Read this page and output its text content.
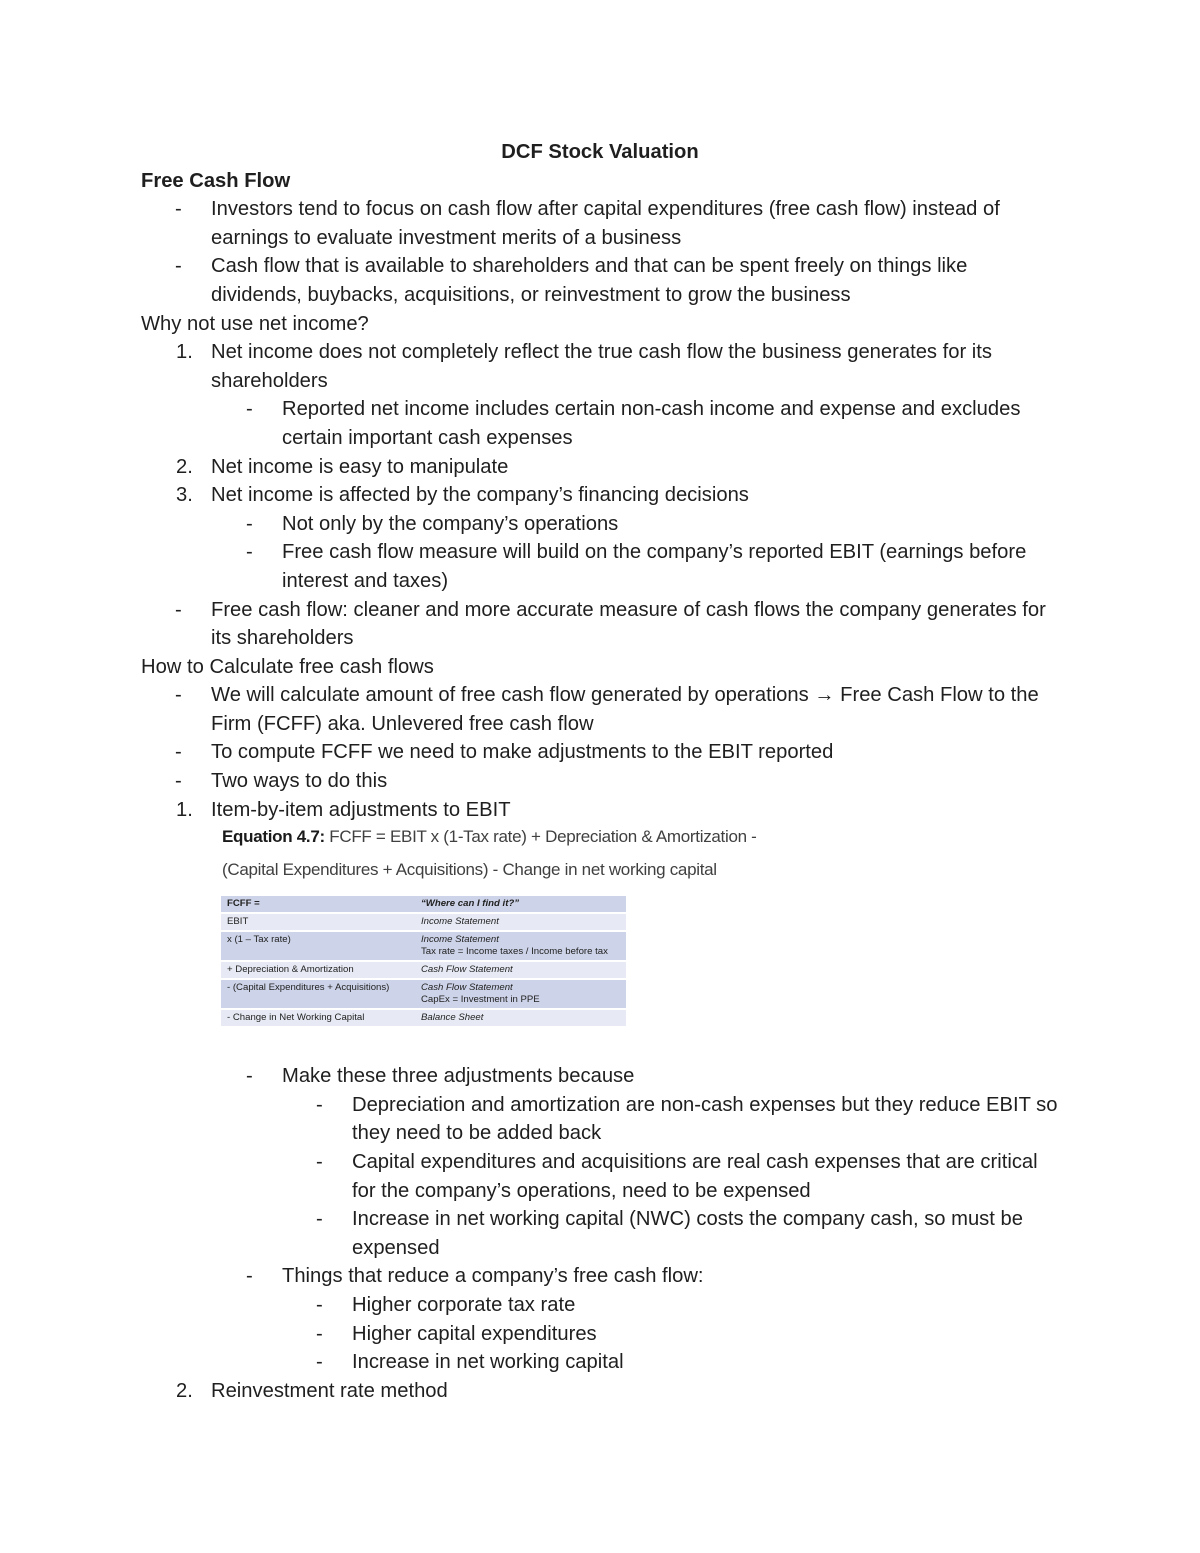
DCF Stock Valuation
Free Cash Flow
- Investors tend to focus on cash flow after capital expenditures (free cash flow) instead of earnings to evaluate investment merits of a business
- Cash flow that is available to shareholders and that can be spent freely on things like dividends, buybacks, acquisitions, or reinvestment to grow the business
Why not use net income?
1. Net income does not completely reflect the true cash flow the business generates for its shareholders
- Reported net income includes certain non-cash income and expense and excludes certain important cash expenses
2. Net income is easy to manipulate
3. Net income is affected by the company’s financing decisions
- Not only by the company’s operations
- Free cash flow measure will build on the company’s reported EBIT (earnings before interest and taxes)
- Free cash flow: cleaner and more accurate measure of cash flows the company generates for its shareholders
How to Calculate free cash flows
- We will calculate amount of free cash flow generated by operations → Free Cash Flow to the Firm (FCFF) aka. Unlevered free cash flow
- To compute FCFF we need to make adjustments to the EBIT reported
- Two ways to do this
1. Item-by-item adjustments to EBIT
Equation 4.7: FCFF = EBIT x (1-Tax rate) + Depreciation & Amortization -
(Capital Expenditures + Acquisitions) - Change in net working capital
FCFF =	“Where can I find it?”
EBIT	Income Statement
x (1 – Tax rate)	Income Statement
Tax rate = Income taxes / Income before tax

+ Depreciation & Amortization	Cash Flow Statement
- (Capital Expenditures + Acquisitions)	Cash Flow Statement
CapEx = Investment in PPE

- Change in Net Working Capital	Balance Sheet
- Make these three adjustments because
- Depreciation and amortization are non-cash expenses but they reduce EBIT so they need to be added back
- Capital expenditures and acquisitions are real cash expenses that are critical for the company’s operations, need to be expensed
- Increase in net working capital (NWC) costs the company cash, so must be expensed
- Things that reduce a company’s free cash flow:
- Higher corporate tax rate
- Higher capital expenditures
- Increase in net working capital
2. Reinvestment rate method
